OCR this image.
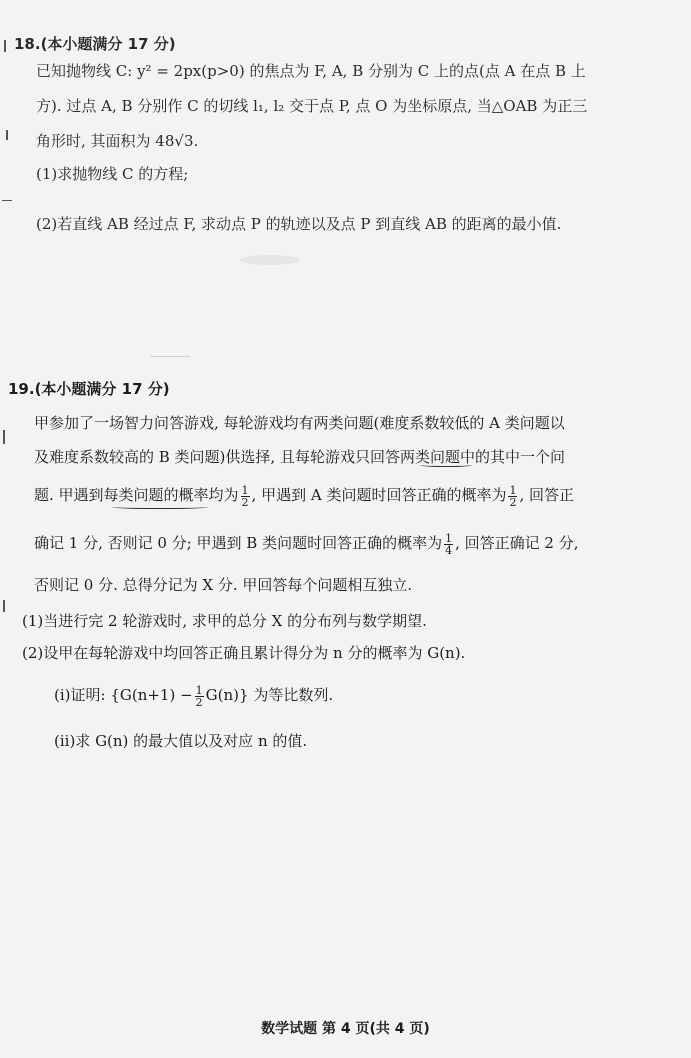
18.(本小题满分 17 分)
已知抛物线 C: y² = 2px(p>0) 的焦点为 F, A, B 分别为 C 上的点(点 A 在点 B 上
方). 过点 A, B 分别作 C 的切线 l₁, l₂ 交于点 P, 点 O 为坐标原点, 当△OAB 为正三
角形时, 其面积为 48√3.
(1)求抛物线 C 的方程;
(2)若直线 AB 经过点 F, 求动点 P 的轨迹以及点 P 到直线 AB 的距离的最小值.
19.(本小题满分 17 分)
甲参加了一场智力问答游戏, 每轮游戏均有两类问题(难度系数较低的 A 类问题以
及难度系数较高的 B 类问题)供选择, 且每轮游戏只回答两类问题中的其中一个问
题. 甲遇到每类问题的概率均为 $\frac{1}{2}$ , 甲遇到 A 类问题时回答正确的概率为 $\frac{1}{2}$ , 回答正
确记 1 分, 否则记 0 分; 甲遇到 B 类问题时回答正确的概率为 $\frac{1}{4}$ , 回答正确记 2 分,
否则记 0 分. 总得分记为 X 分. 甲回答每个问题相互独立.
(1)当进行完 2 轮游戏时, 求甲的总分 X 的分布列与数学期望.
(2)设甲在每轮游戏中均回答正确且累计得分为 n 分的概率为 G(n).
(ⅰ)证明: $\{G(n+1) - \frac{1}{2} G(n)\}$ 为等比数列.
(ⅱ)求 G(n) 的最大值以及对应 n 的值.
数学试题 第 4 页(共 4 页)
